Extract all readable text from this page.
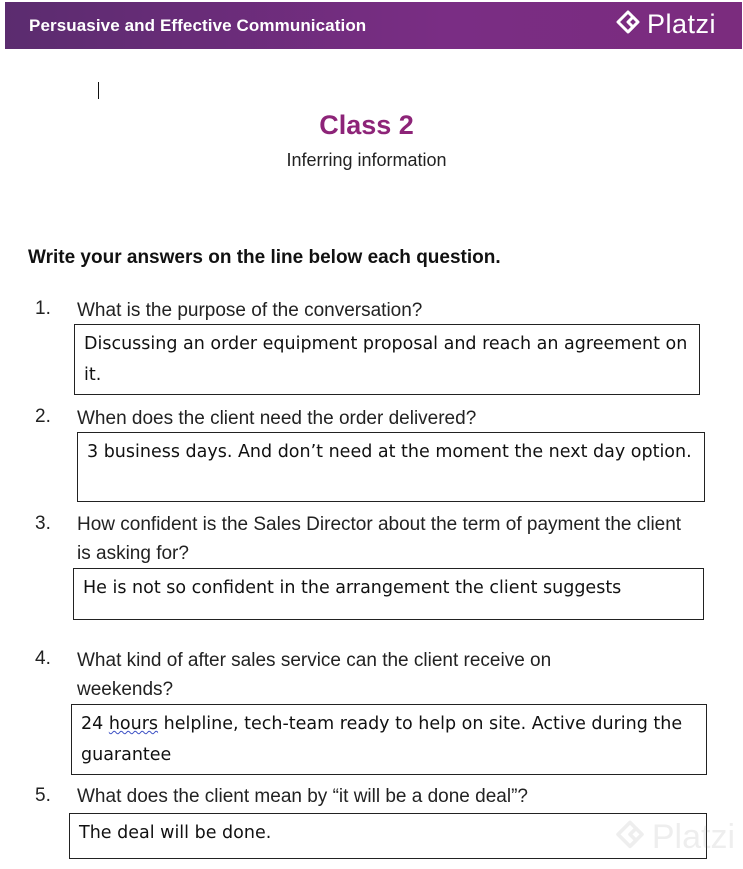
Persuasive and Effective Communication	Platzi
Class 2
Inferring information
Write your answers on the line below each question.
1. What is the purpose of the conversation?
Discussing an order equipment proposal and reach an agreement on it.
2. When does the client need the order delivered?
3 business days. And don’t need at the moment the next day option.
3. How confident is the Sales Director about the term of payment the client is asking for?
He is not so confident in the arrangement the client suggests
4. What kind of after sales service can the client receive on weekends?
24 hours helpline, tech-team ready to help on site. Active during the guarantee
5. What does the client mean by “it will be a done deal”?
The deal will be done.	Platzi
